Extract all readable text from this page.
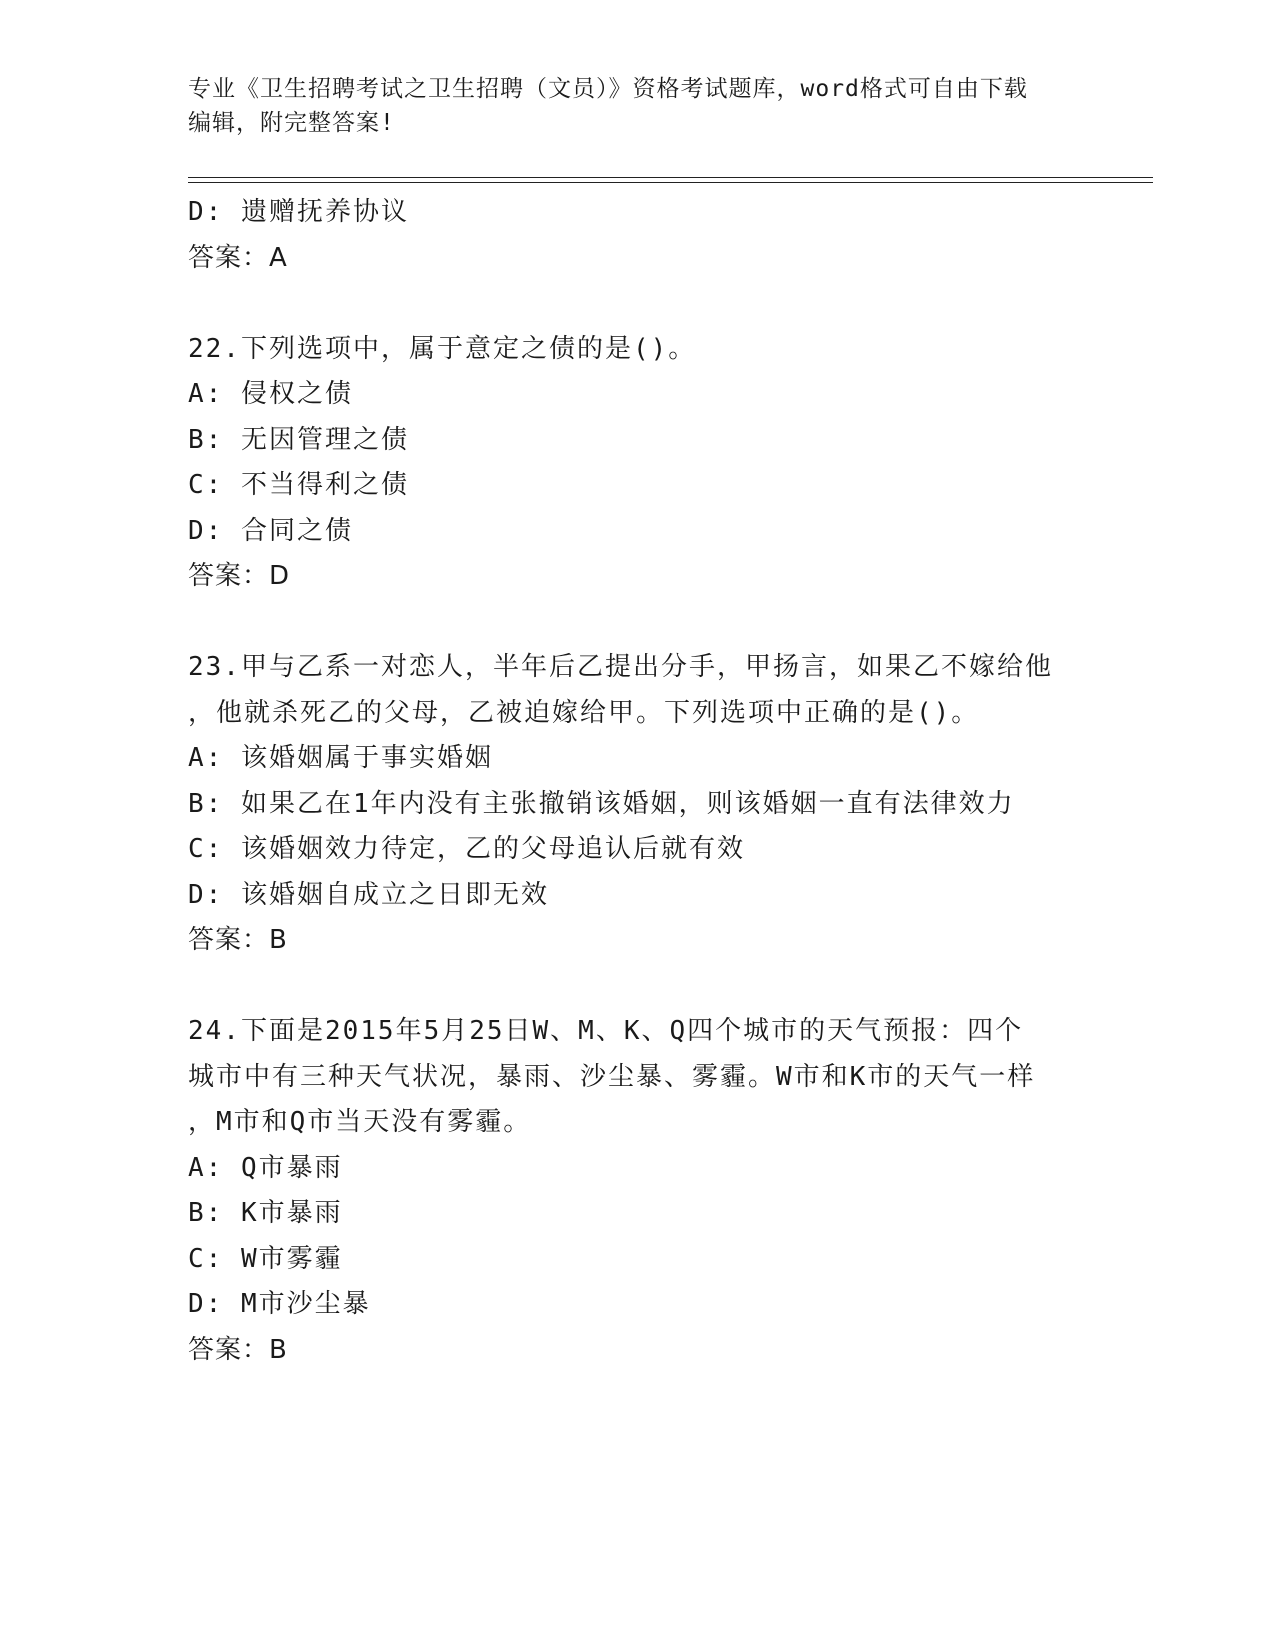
专业《卫生招聘考试之卫生招聘（文员）》资格考试题库，word格式可自由下载
编辑，附完整答案!
D: 遗赠抚养协议
答案：A
22.下列选项中，属于意定之债的是()。
A: 侵权之债
B: 无因管理之债
C: 不当得利之债
D: 合同之债
答案：D
23.甲与乙系一对恋人，半年后乙提出分手，甲扬言，如果乙不嫁给他
，他就杀死乙的父母，乙被迫嫁给甲。下列选项中正确的是()。
A: 该婚姻属于事实婚姻
B: 如果乙在1年内没有主张撤销该婚姻，则该婚姻一直有法律效力
C: 该婚姻效力待定，乙的父母追认后就有效
D: 该婚姻自成立之日即无效
答案：B
24.下面是2015年5月25日W、M、K、Q四个城市的天气预报：四个
城市中有三种天气状况，暴雨、沙尘暴、雾霾。W市和K市的天气一样
，M市和Q市当天没有雾霾。
A: Q市暴雨
B: K市暴雨
C: W市雾霾
D: M市沙尘暴
答案：B
